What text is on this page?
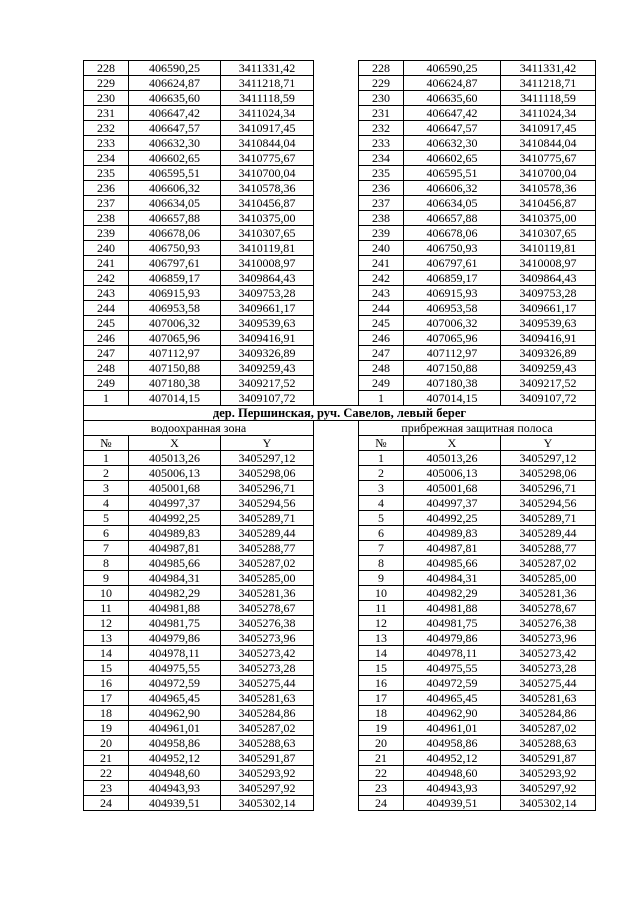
228	406590,25	3411331,42		228	406590,25	3411331,42
229	406624,87	3411218,71		229	406624,87	3411218,71
230	406635,60	3411118,59		230	406635,60	3411118,59
231	406647,42	3411024,34		231	406647,42	3411024,34
232	406647,57	3410917,45		232	406647,57	3410917,45
233	406632,30	3410844,04		233	406632,30	3410844,04
234	406602,65	3410775,67		234	406602,65	3410775,67
235	406595,51	3410700,04		235	406595,51	3410700,04
236	406606,32	3410578,36		236	406606,32	3410578,36
237	406634,05	3410456,87		237	406634,05	3410456,87
238	406657,88	3410375,00		238	406657,88	3410375,00
239	406678,06	3410307,65		239	406678,06	3410307,65
240	406750,93	3410119,81		240	406750,93	3410119,81
241	406797,61	3410008,97		241	406797,61	3410008,97
242	406859,17	3409864,43		242	406859,17	3409864,43
243	406915,93	3409753,28		243	406915,93	3409753,28
244	406953,58	3409661,17		244	406953,58	3409661,17
245	407006,32	3409539,63		245	407006,32	3409539,63
246	407065,96	3409416,91		246	407065,96	3409416,91
247	407112,97	3409326,89		247	407112,97	3409326,89
248	407150,88	3409259,43		248	407150,88	3409259,43
249	407180,38	3409217,52		249	407180,38	3409217,52
1	407014,15	3409107,72		1	407014,15	3409107,72
дер. Першинская, руч. Савелов, левый берег						
водоохранная зона				прибрежная защитная полоса		
№	X	Y		№	X	Y
1	405013,26	3405297,12		1	405013,26	3405297,12
2	405006,13	3405298,06		2	405006,13	3405298,06
3	405001,68	3405296,71		3	405001,68	3405296,71
4	404997,37	3405294,56		4	404997,37	3405294,56
5	404992,25	3405289,71		5	404992,25	3405289,71
6	404989,83	3405289,44		6	404989,83	3405289,44
7	404987,81	3405288,77		7	404987,81	3405288,77
8	404985,66	3405287,02		8	404985,66	3405287,02
9	404984,31	3405285,00		9	404984,31	3405285,00
10	404982,29	3405281,36		10	404982,29	3405281,36
11	404981,88	3405278,67		11	404981,88	3405278,67
12	404981,75	3405276,38		12	404981,75	3405276,38
13	404979,86	3405273,96		13	404979,86	3405273,96
14	404978,11	3405273,42		14	404978,11	3405273,42
15	404975,55	3405273,28		15	404975,55	3405273,28
16	404972,59	3405275,44		16	404972,59	3405275,44
17	404965,45	3405281,63		17	404965,45	3405281,63
18	404962,90	3405284,86		18	404962,90	3405284,86
19	404961,01	3405287,02		19	404961,01	3405287,02
20	404958,86	3405288,63		20	404958,86	3405288,63
21	404952,12	3405291,87		21	404952,12	3405291,87
22	404948,60	3405293,92		22	404948,60	3405293,92
23	404943,93	3405297,92		23	404943,93	3405297,92
24	404939,51	3405302,14		24	404939,51	3405302,14
